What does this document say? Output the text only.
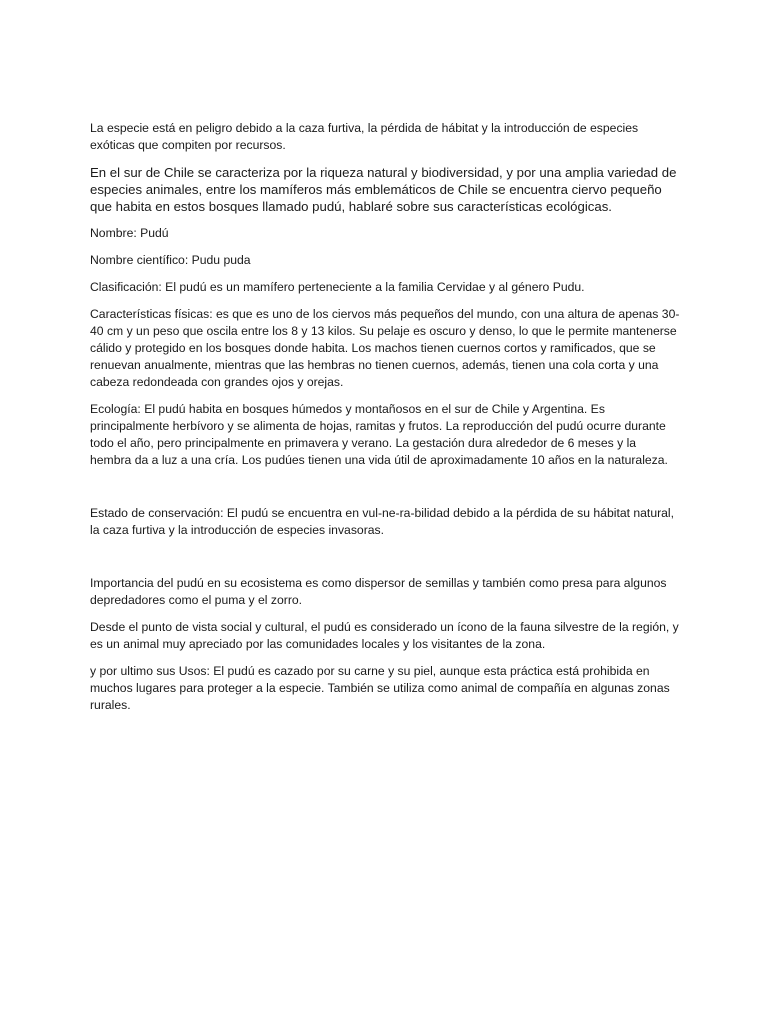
La especie está en peligro debido a la caza furtiva, la pérdida de hábitat y la introducción de especies exóticas que compiten por recursos.

En el sur de Chile se caracteriza por la riqueza natural y biodiversidad, y por una amplia variedad de especies animales, entre los mamíferos más emblemáticos de Chile se encuentra ciervo pequeño que habita en estos bosques llamado pudú, hablaré sobre sus características ecológicas.

Nombre: Pudú

Nombre científico: Pudu puda

Clasificación: El pudú es un mamífero perteneciente a la familia Cervidae y al género Pudu.

Características físicas: es que es uno de los ciervos más pequeños del mundo, con una altura de apenas 30-40 cm y un peso que oscila entre los 8 y 13 kilos. Su pelaje es oscuro y denso, lo que le permite mantenerse cálido y protegido en los bosques donde habita. Los machos tienen cuernos cortos y ramificados, que se renuevan anualmente, mientras que las hembras no tienen cuernos, además, tienen una cola corta y una cabeza redondeada con grandes ojos y orejas.

Ecología: El pudú habita en bosques húmedos y montañosos en el sur de Chile y Argentina. Es principalmente herbívoro y se alimenta de hojas, ramitas y frutos. La reproducción del pudú ocurre durante todo el año, pero principalmente en primavera y verano. La gestación dura alrededor de 6 meses y la hembra da a luz a una cría. Los pudúes tienen una vida útil de aproximadamente 10 años en la naturaleza.

Estado de conservación: El pudú se encuentra en vul-ne-ra-bilidad debido a la pérdida de su hábitat natural, la caza furtiva y la introducción de especies invasoras.

Importancia del pudú en su ecosistema es como dispersor de semillas y también como presa para algunos depredadores como el puma y el zorro.

Desde el punto de vista social y cultural, el pudú es considerado un ícono de la fauna silvestre de la región, y es un animal muy apreciado por las comunidades locales y los visitantes de la zona.

y por ultimo sus Usos: El pudú es cazado por su carne y su piel, aunque esta práctica está prohibida en muchos lugares para proteger a la especie. También se utiliza como animal de compañía en algunas zonas rurales.
